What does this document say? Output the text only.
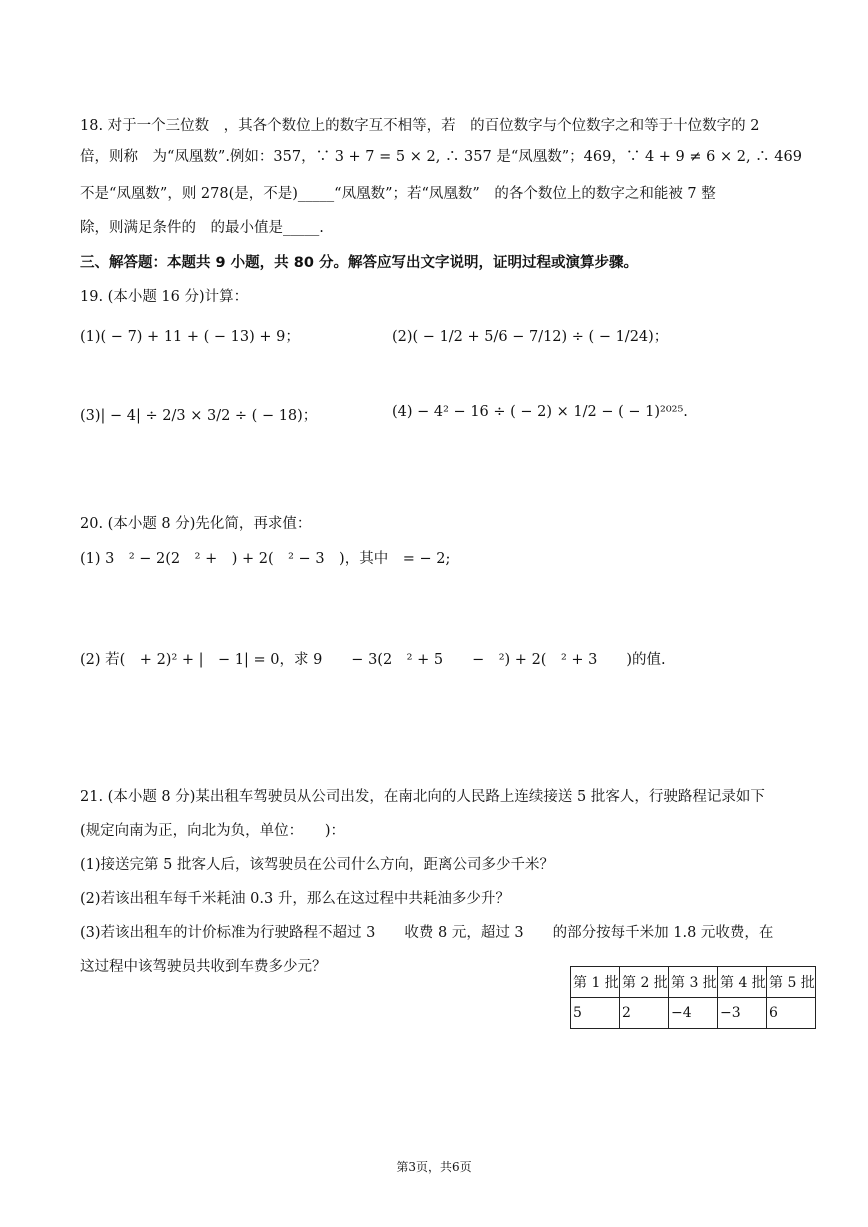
18. 对于一个三位数　，其各个数位上的数字互不相等，若　的百位数字与个位数字之和等于十位数字的 2
倍，则称　为“凤凰数”.例如：357，∵ 3 + 7 = 5 × 2, ∴ 357 是“凤凰数”；469，∵ 4 + 9 ≠ 6 × 2, ∴ 469
不是“凤凰数”，则 278(是，不是)_____“凤凰数”；若“凤凰数”　的各个数位上的数字之和能被 7 整
除，则满足条件的　的最小值是_____.
三、解答题：本题共 9 小题，共 80 分。解答应写出文字说明，证明过程或演算步骤。
19. (本小题 16 分)计算：
(1)( − 7) + 11 + ( − 13) + 9；	(2)( − 1/2 + 5/6 − 7/12) ÷ ( − 1/24)；
(3)| − 4| ÷ 2/3 × 3/2 ÷ ( − 18)；	(4) − 4² − 16 ÷ ( − 2) × 1/2 − ( − 1)²⁰²⁵.
20. (本小题 8 分)先化简，再求值：
(1) 3　² − 2(2　² +　) + 2(　² − 3　)，其中　= − 2;
(2) 若(　+ 2)² + |　− 1| = 0，求 9　　− 3(2　² + 5　　−　²) + 2(　² + 3　　)的值.
21. (本小题 8 分)某出租车驾驶员从公司出发，在南北向的人民路上连续接送 5 批客人，行驶路程记录如下
(规定向南为正，向北为负，单位：　　)：
(1)接送完第 5 批客人后，该驾驶员在公司什么方向，距离公司多少千米？
(2)若该出租车每千米耗油 0.3 升，那么在这过程中共耗油多少升？
(3)若该出租车的计价标准为行驶路程不超过 3　　收费 8 元，超过 3　　的部分按每千米加 1.8 元收费，在
这过程中该驾驶员共收到车费多少元？
第 1 批	第 2 批	第 3 批	第 4 批	第 5 批
5	2	−4	−3	6
第3页，共6页
